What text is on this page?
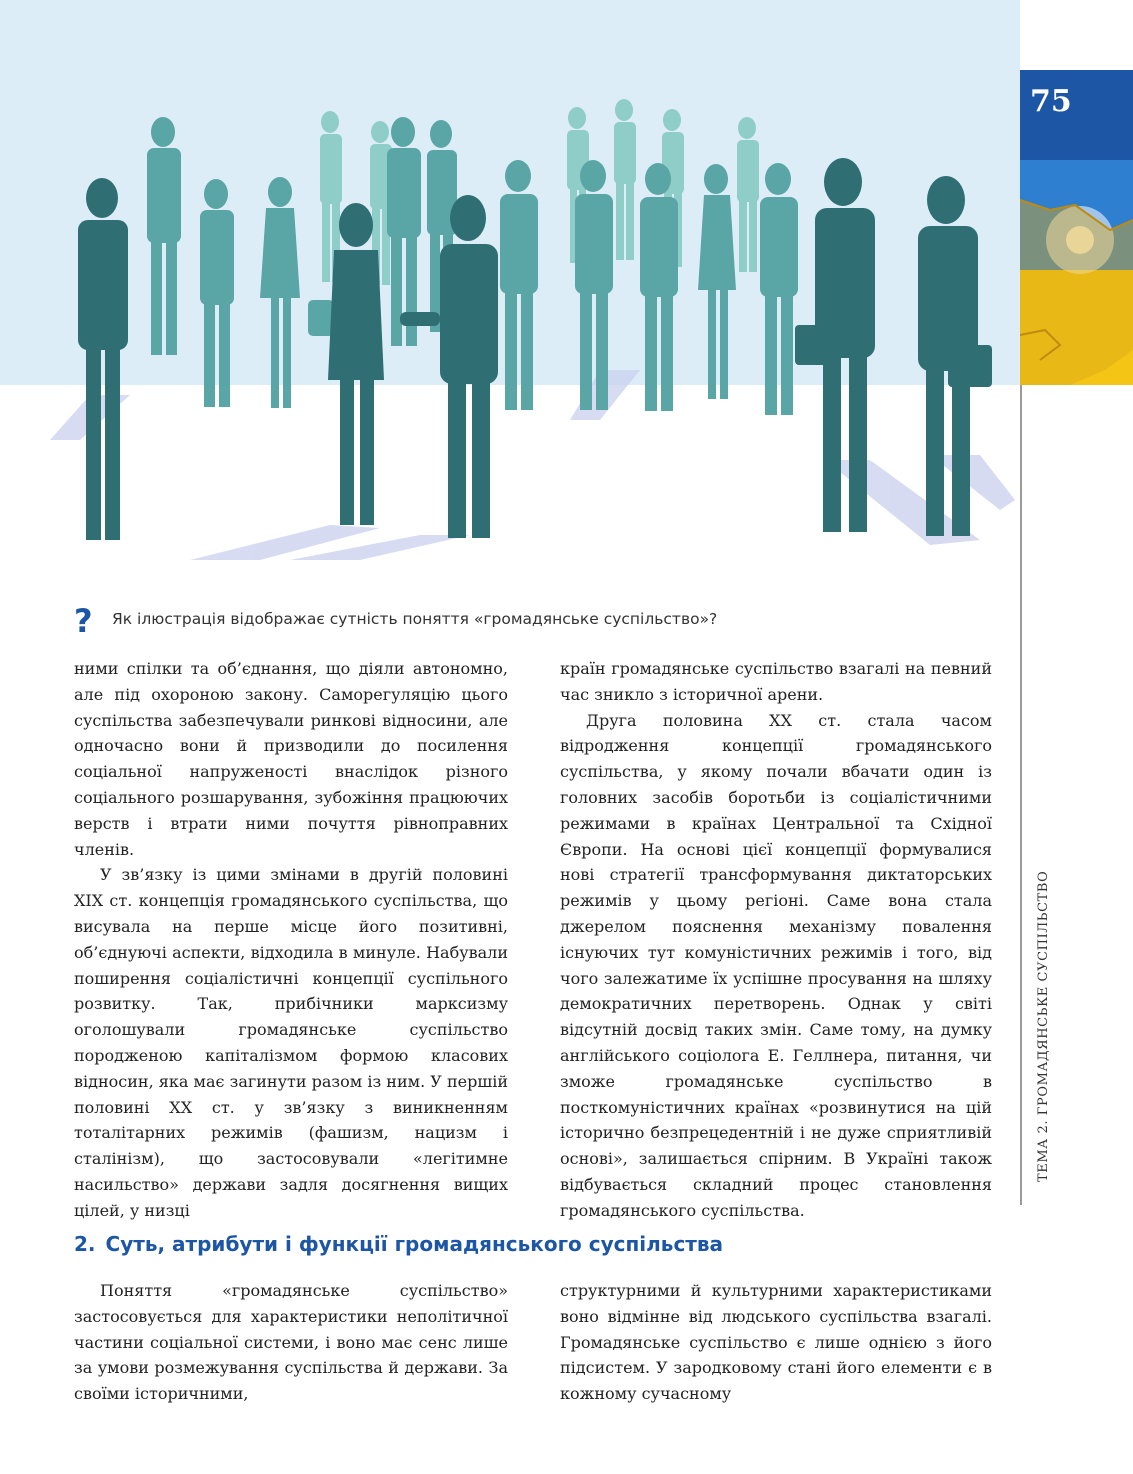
75
ТЕМА 2. ГРОМАДЯНСЬКЕ СУСПІЛЬСТВО
? Як ілюстрація відображає сутність поняття «громадянське суспільство»?

ними спілки та об’єднання, що діяли автономно, але під охороною закону. Саморегуляцію цього суспільства забезпечували ринкові відносини, але одночасно вони й призводили до посилення соціальної напруженості внаслідок різного соціального розшарування, зубожіння працюючих верств і втрати ними почуття рівноправних членів.

У зв’язку із цими змінами в другій половині ХІХ ст. концепція громадянського суспільства, що висувала на перше місце його позитивні, об’єднуючі аспекти, відходила в минуле. Набували поширення соціалістичні концепції суспільного розвитку. Так, прибічники марксизму оголошували громадянське суспільство породженою капіталізмом формою класових відносин, яка має загинути разом із ним. У першій половині ХХ ст. у зв’язку з виникненням тоталітарних режимів (фашизм, нацизм і сталінізм), що застосовували «легітимне насильство» держави задля досягнення вищих цілей, у низці

країн громадянське суспільство взагалі на певний час зникло з історичної арени.

Друга половина ХХ ст. стала часом відродження концепції громадянського суспільства, у якому почали вбачати один із головних засобів боротьби із соціалістичними режимами в країнах Центральної та Східної Європи. На основі цієї концепції формувалися нові стратегії трансформування диктаторських режимів у цьому регіоні. Саме вона стала джерелом пояснення механізму повалення існуючих тут комуністичних режимів і того, від чого залежатиме їх успішне просування на шляху демократичних перетворень. Однак у світі відсутній досвід таких змін. Саме тому, на думку англійського соціолога Е. Геллнера, питання, чи зможе громадянське суспільство в посткомуністичних країнах «розвинутися на цій історично безпрецедентній і не дуже сприятливій основі», залишається спірним. В Україні також відбувається складний процес становлення громадянського суспільства.

2. Суть, атрибути і функції громадянського суспільства

Поняття «громадянське суспільство» застосовується для характеристики неполітичної частини соціальної системи, і воно має сенс лише за умови розмежування суспільства й держави. За своїми історичними,

структурними й культурними характеристиками воно відмінне від людського суспільства взагалі. Громадянське суспільство є лише однією з його підсистем. У зародковому стані його елементи є в кожному сучасному
